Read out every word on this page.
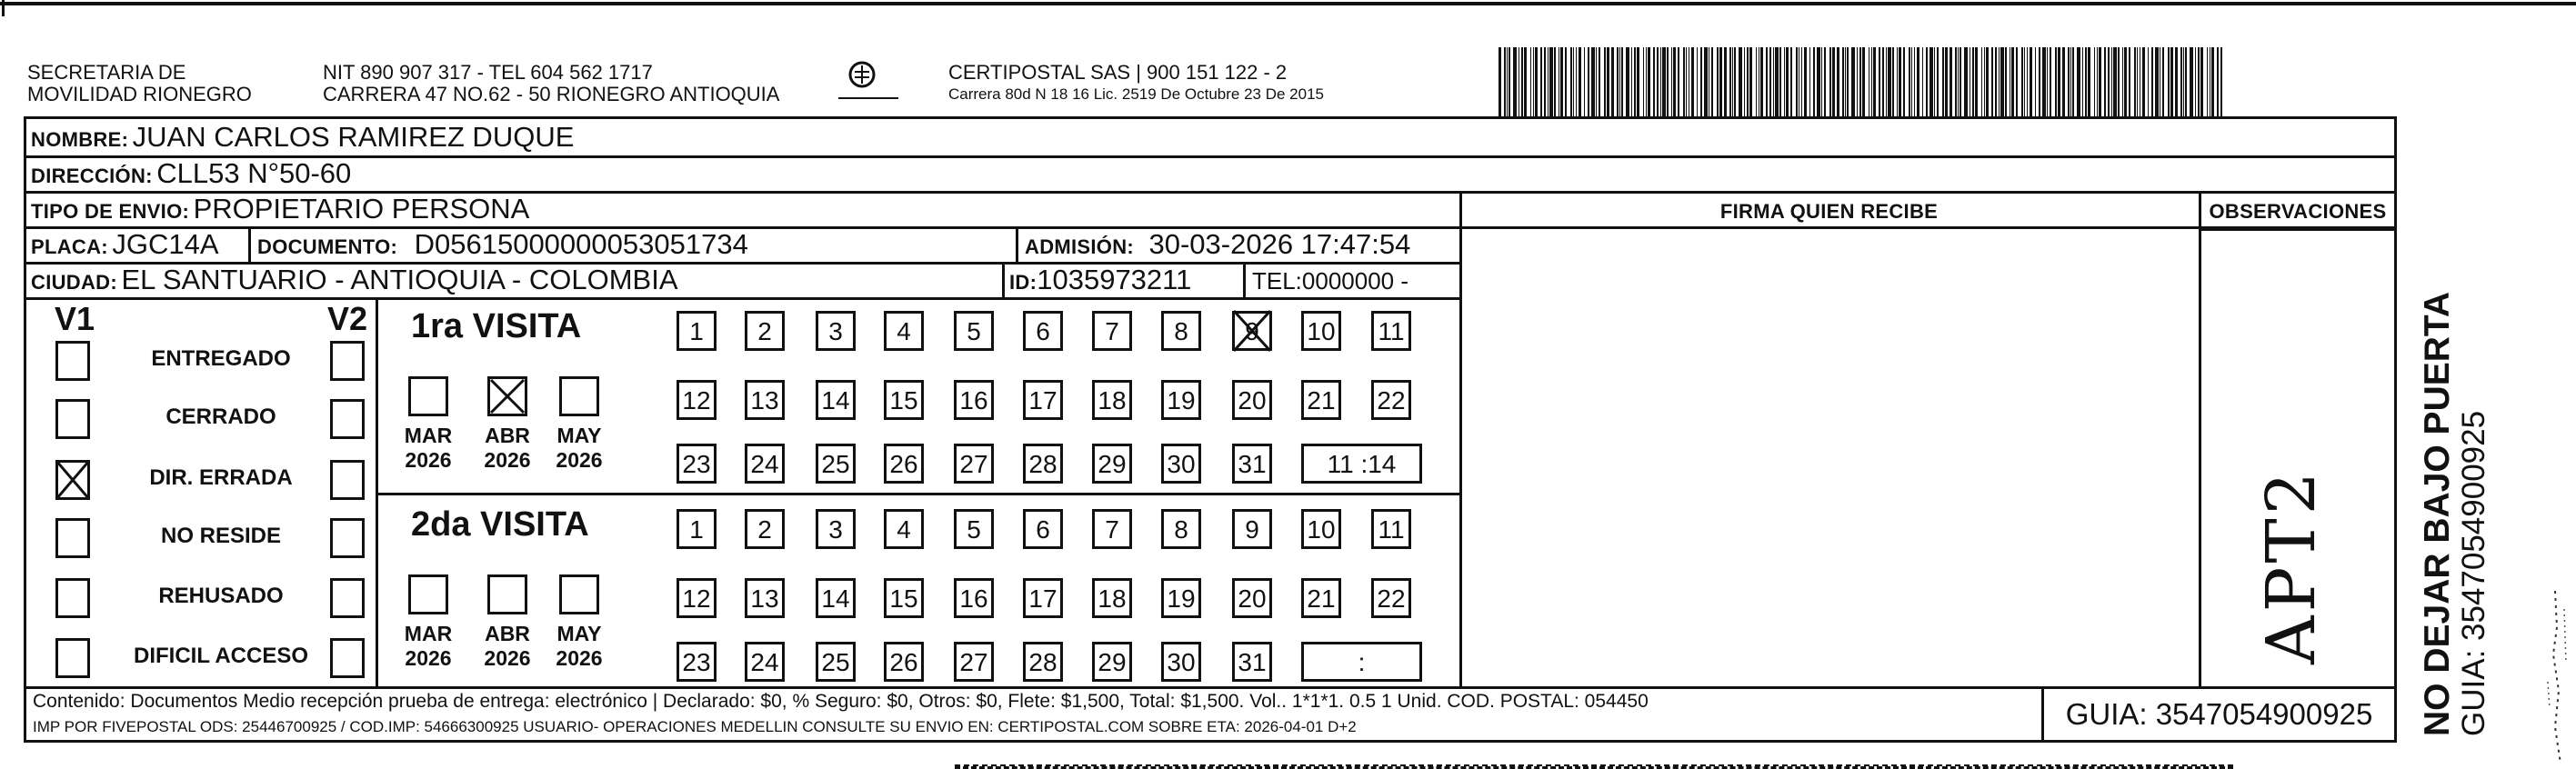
SECRETARIA DE
MOVILIDAD RIONEGRO
NIT 890 907 317 - TEL 604 562 1717
CARRERA 47 NO.62 - 50 RIONEGRO ANTIOQUIA
CERTIPOSTAL SAS | 900 151 122 - 2
Carrera 80d N 18 16 Lic. 2519 De Octubre 23 De 2015
NOMBRE: JUAN CARLOS RAMIREZ DUQUE
DIRECCIÓN: CLL53 N°50-60
TIPO DE ENVIO: PROPIETARIO PERSONA	FIRMA QUIEN RECIBE	OBSERVACIONES
PLACA: JGC14A DOCUMENTO: D05615000000053051734	ADMISIÓN: 30-03-2026 17:47:54
CIUDAD: EL SANTUARIO - ANTIOQUIA - COLOMBIA	ID:1035973211	TEL:0000000 -
V1	V2
ENTREGADO
CERRADO
DIR. ERRADA
NO RESIDE
REHUSADO
DIFICIL ACCESO
1ra VISITA
MAR
2026
ABR
2026
MAY
2026
1	2	3	4	5	6	7	8	9	10 11
12 13 14 15 16 17 18 19 20 21 22
23 24 25 26 27 28 29 30 31	11 :14
2da VISITA
MAR
2026
ABR
2026
MAY
2026
1	2	3	4	5	6	7	8	9	10 11
12 13 14 15 16 17 18 19 20 21 22
23 24 25 26 27 28 29 30 31	:	APT2
Contenido: Documentos Medio recepción prueba de entrega: electrónico | Declarado: $0, % Seguro: $0, Otros: $0, Flete: $1,500, Total: $1,500. Vol.. 1*1*1. 0.5 1 Unid. COD. POSTAL: 054450
IMP POR FIVEPOSTAL ODS: 25446700925 / COD.IMP: 54666300925 USUARIO- OPERACIONES MEDELLIN CONSULTE SU ENVIO EN: CERTIPOSTAL.COM SOBRE ETA: 2026-04-01 D+2	GUIA: 3547054900925	NO DEJAR BAJO PUERTA GUIA: 3547054900925
